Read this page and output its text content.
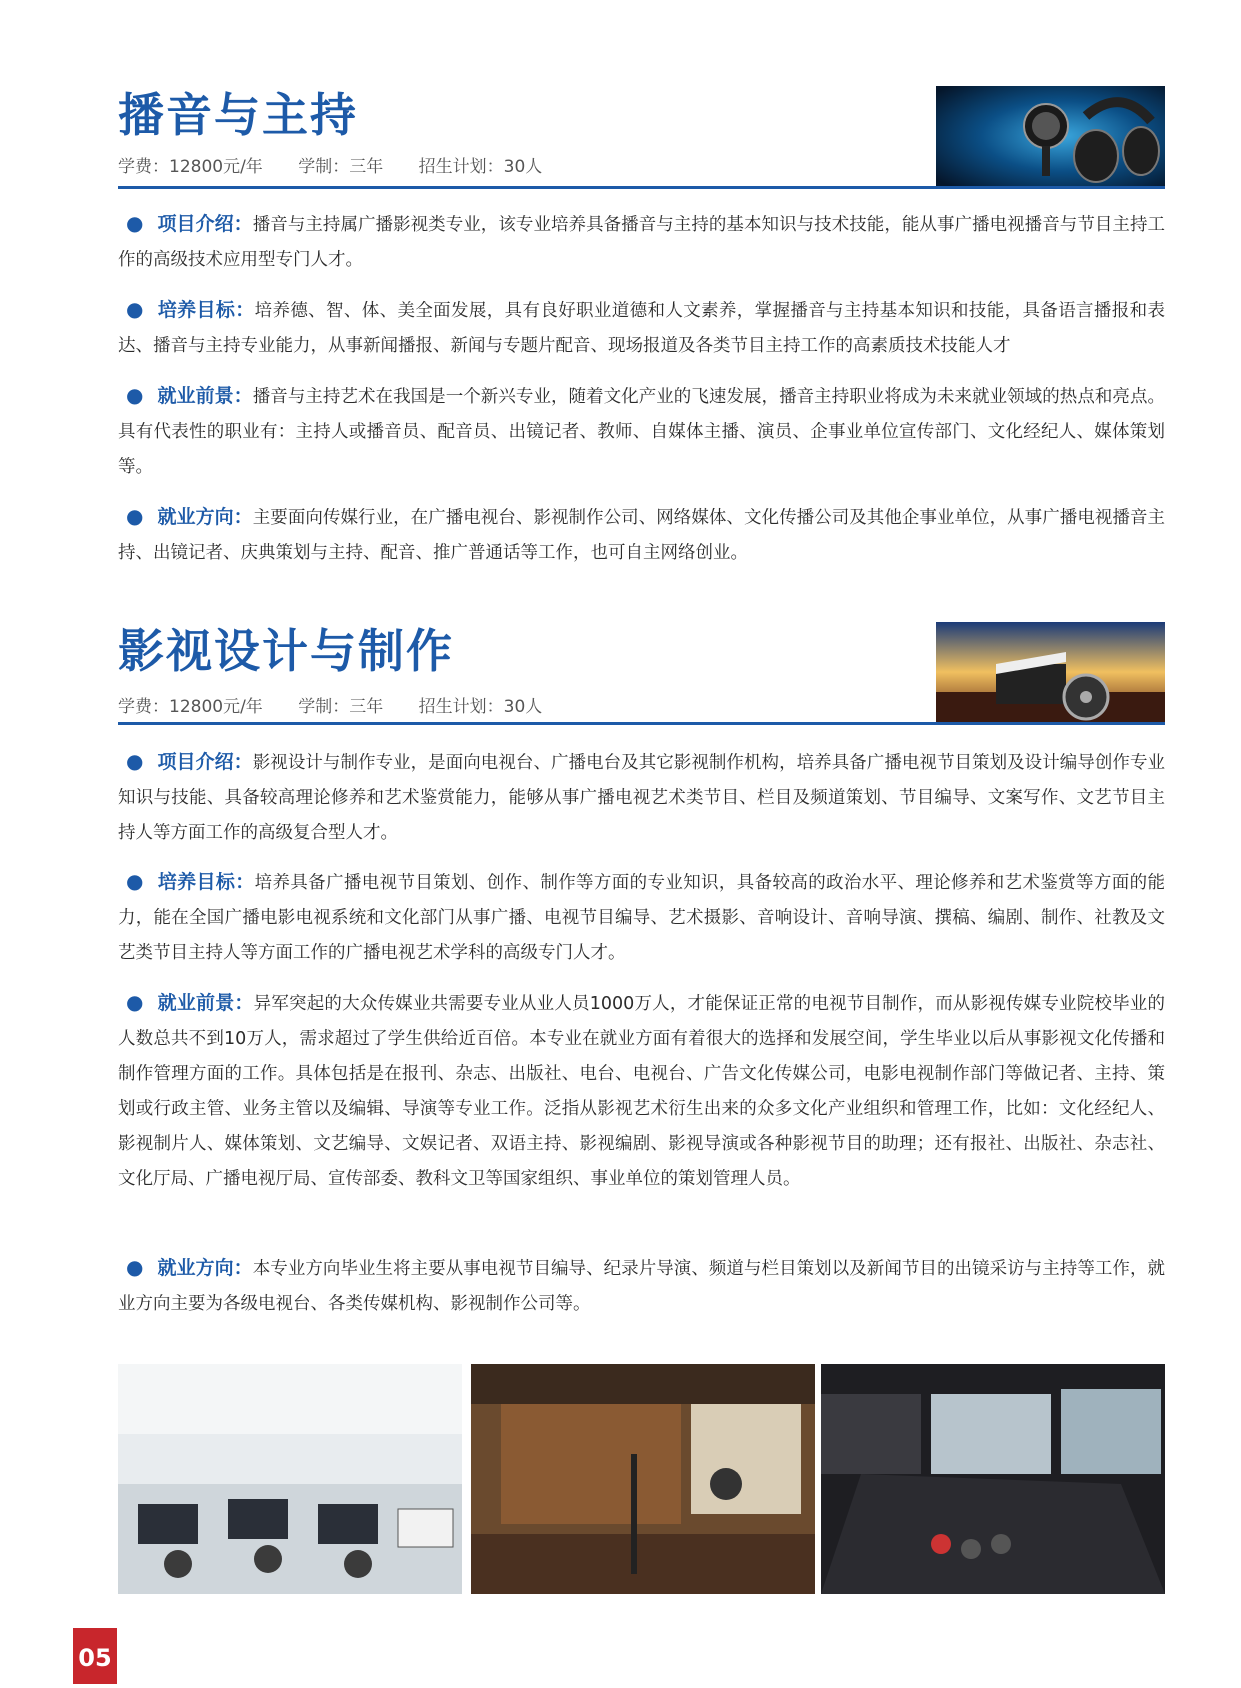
播音与主持
学费：12800元/年 学制：三年 招生计划：30人

● 项目介绍：播音与主持属广播影视类专业，该专业培养具备播音与主持的基本知识与技术技能，能从事广播电视播音与节目主持工作的高级技术应用型专门人才。

● 培养目标：培养德、智、体、美全面发展，具有良好职业道德和人文素养，掌握播音与主持基本知识和技能，具备语言播报和表达、播音与主持专业能力，从事新闻播报、新闻与专题片配音、现场报道及各类节目主持工作的高素质技术技能人才

● 就业前景：播音与主持艺术在我国是一个新兴专业，随着文化产业的飞速发展，播音主持职业将成为未来就业领域的热点和亮点。具有代表性的职业有：主持人或播音员、配音员、出镜记者、教师、自媒体主播、演员、企事业单位宣传部门、文化经纪人、媒体策划等。

● 就业方向：主要面向传媒行业，在广播电视台、影视制作公司、网络媒体、文化传播公司及其他企事业单位，从事广播电视播音主持、出镜记者、庆典策划与主持、配音、推广普通话等工作，也可自主网络创业。

影视设计与制作
学费：12800元/年 学制：三年 招生计划：30人

● 项目介绍：影视设计与制作专业，是面向电视台、广播电台及其它影视制作机构，培养具备广播电视节目策划及设计编导创作专业知识与技能、具备较高理论修养和艺术鉴赏能力，能够从事广播电视艺术类节目、栏目及频道策划、节目编导、文案写作、文艺节目主持人等方面工作的高级复合型人才。

● 培养目标：培养具备广播电视节目策划、创作、制作等方面的专业知识，具备较高的政治水平、理论修养和艺术鉴赏等方面的能力，能在全国广播电影电视系统和文化部门从事广播、电视节目编导、艺术摄影、音响设计、音响导演、撰稿、编剧、制作、社教及文艺类节目主持人等方面工作的广播电视艺术学科的高级专门人才。

● 就业前景：异军突起的大众传媒业共需要专业从业人员1000万人，才能保证正常的电视节目制作，而从影视传媒专业院校毕业的人数总共不到10万人，需求超过了学生供给近百倍。本专业在就业方面有着很大的选择和发展空间，学生毕业以后从事影视文化传播和制作管理方面的工作。具体包括是在报刊、杂志、出版社、电台、电视台、广告文化传媒公司，电影电视制作部门等做记者、主持、策划或行政主管、业务主管以及编辑、导演等专业工作。泛指从影视艺术衍生出来的众多文化产业组织和管理工作，比如：文化经纪人、影视制片人、媒体策划、文艺编导、文娱记者、双语主持、影视编剧、影视导演或各种影视节目的助理；还有报社、出版社、杂志社、文化厅局、广播电视厅局、宣传部委、教科文卫等国家组织、事业单位的策划管理人员。

● 就业方向：本专业方向毕业生将主要从事电视节目编导、纪录片导演、频道与栏目策划以及新闻节目的出镜采访与主持等工作，就业方向主要为各级电视台、各类传媒机构、影视制作公司等。

05
